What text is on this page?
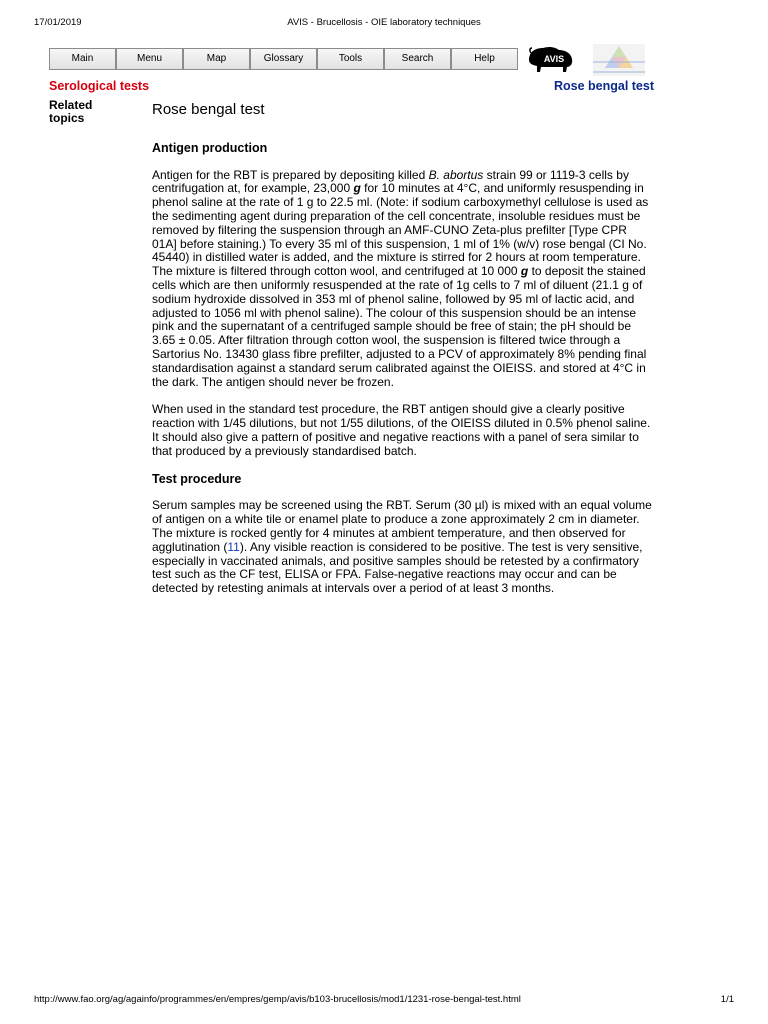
17/01/2019	AVIS - Brucellosis - OIE laboratory techniques
Main	Menu	Map	Glossary	Tools	Search	Help	AVIS
Serological tests	Rose bengal test
Related topics	Rose bengal test
Antigen production

Antigen for the RBT is prepared by depositing killed B. abortus strain 99 or 1119-3 cells by centrifugation at, for example, 23,000 g for 10 minutes at 4°C, and uniformly resuspending in phenol saline at the rate of 1 g to 22.5 ml. (Note: if sodium carboxymethyl cellulose is used as the sedimenting agent during preparation of the cell concentrate, insoluble residues must be removed by filtering the suspension through an AMF-CUNO Zeta-plus prefilter [Type CPR 01A] before staining.) To every 35 ml of this suspension, 1 ml of 1% (w/v) rose bengal (CI No. 45440) in distilled water is added, and the mixture is stirred for 2 hours at room temperature. The mixture is filtered through cotton wool, and centrifuged at 10 000 g to deposit the stained cells which are then uniformly resuspended at the rate of 1g cells to 7 ml of diluent (21.1 g of sodium hydroxide dissolved in 353 ml of phenol saline, followed by 95 ml of lactic acid, and adjusted to 1056 ml with phenol saline). The colour of this suspension should be an intense pink and the supernatant of a centrifuged sample should be free of stain; the pH should be 3.65 ± 0.05. After filtration through cotton wool, the suspension is filtered twice through a Sartorius No. 13430 glass fibre prefilter, adjusted to a PCV of approximately 8% pending final standardisation against a standard serum calibrated against the OIEISS. and stored at 4°C in the dark. The antigen should never be frozen.

When used in the standard test procedure, the RBT antigen should give a clearly positive reaction with 1/45 dilutions, but not 1/55 dilutions, of the OIEISS diluted in 0.5% phenol saline. It should also give a pattern of positive and negative reactions with a panel of sera similar to that produced by a previously standardised batch.

Test procedure

Serum samples may be screened using the RBT. Serum (30 µl) is mixed with an equal volume of antigen on a white tile or enamel plate to produce a zone approximately 2 cm in diameter. The mixture is rocked gently for 4 minutes at ambient temperature, and then observed for agglutination (11). Any visible reaction is considered to be positive. The test is very sensitive, especially in vaccinated animals, and positive samples should be retested by a confirmatory test such as the CF test, ELISA or FPA. False-negative reactions may occur and can be detected by retesting animals at intervals over a period of at least 3 months.

http://www.fao.org/ag/againfo/programmes/en/empres/gemp/avis/b103-brucellosis/mod1/1231-rose-bengal-test.html	1/1
